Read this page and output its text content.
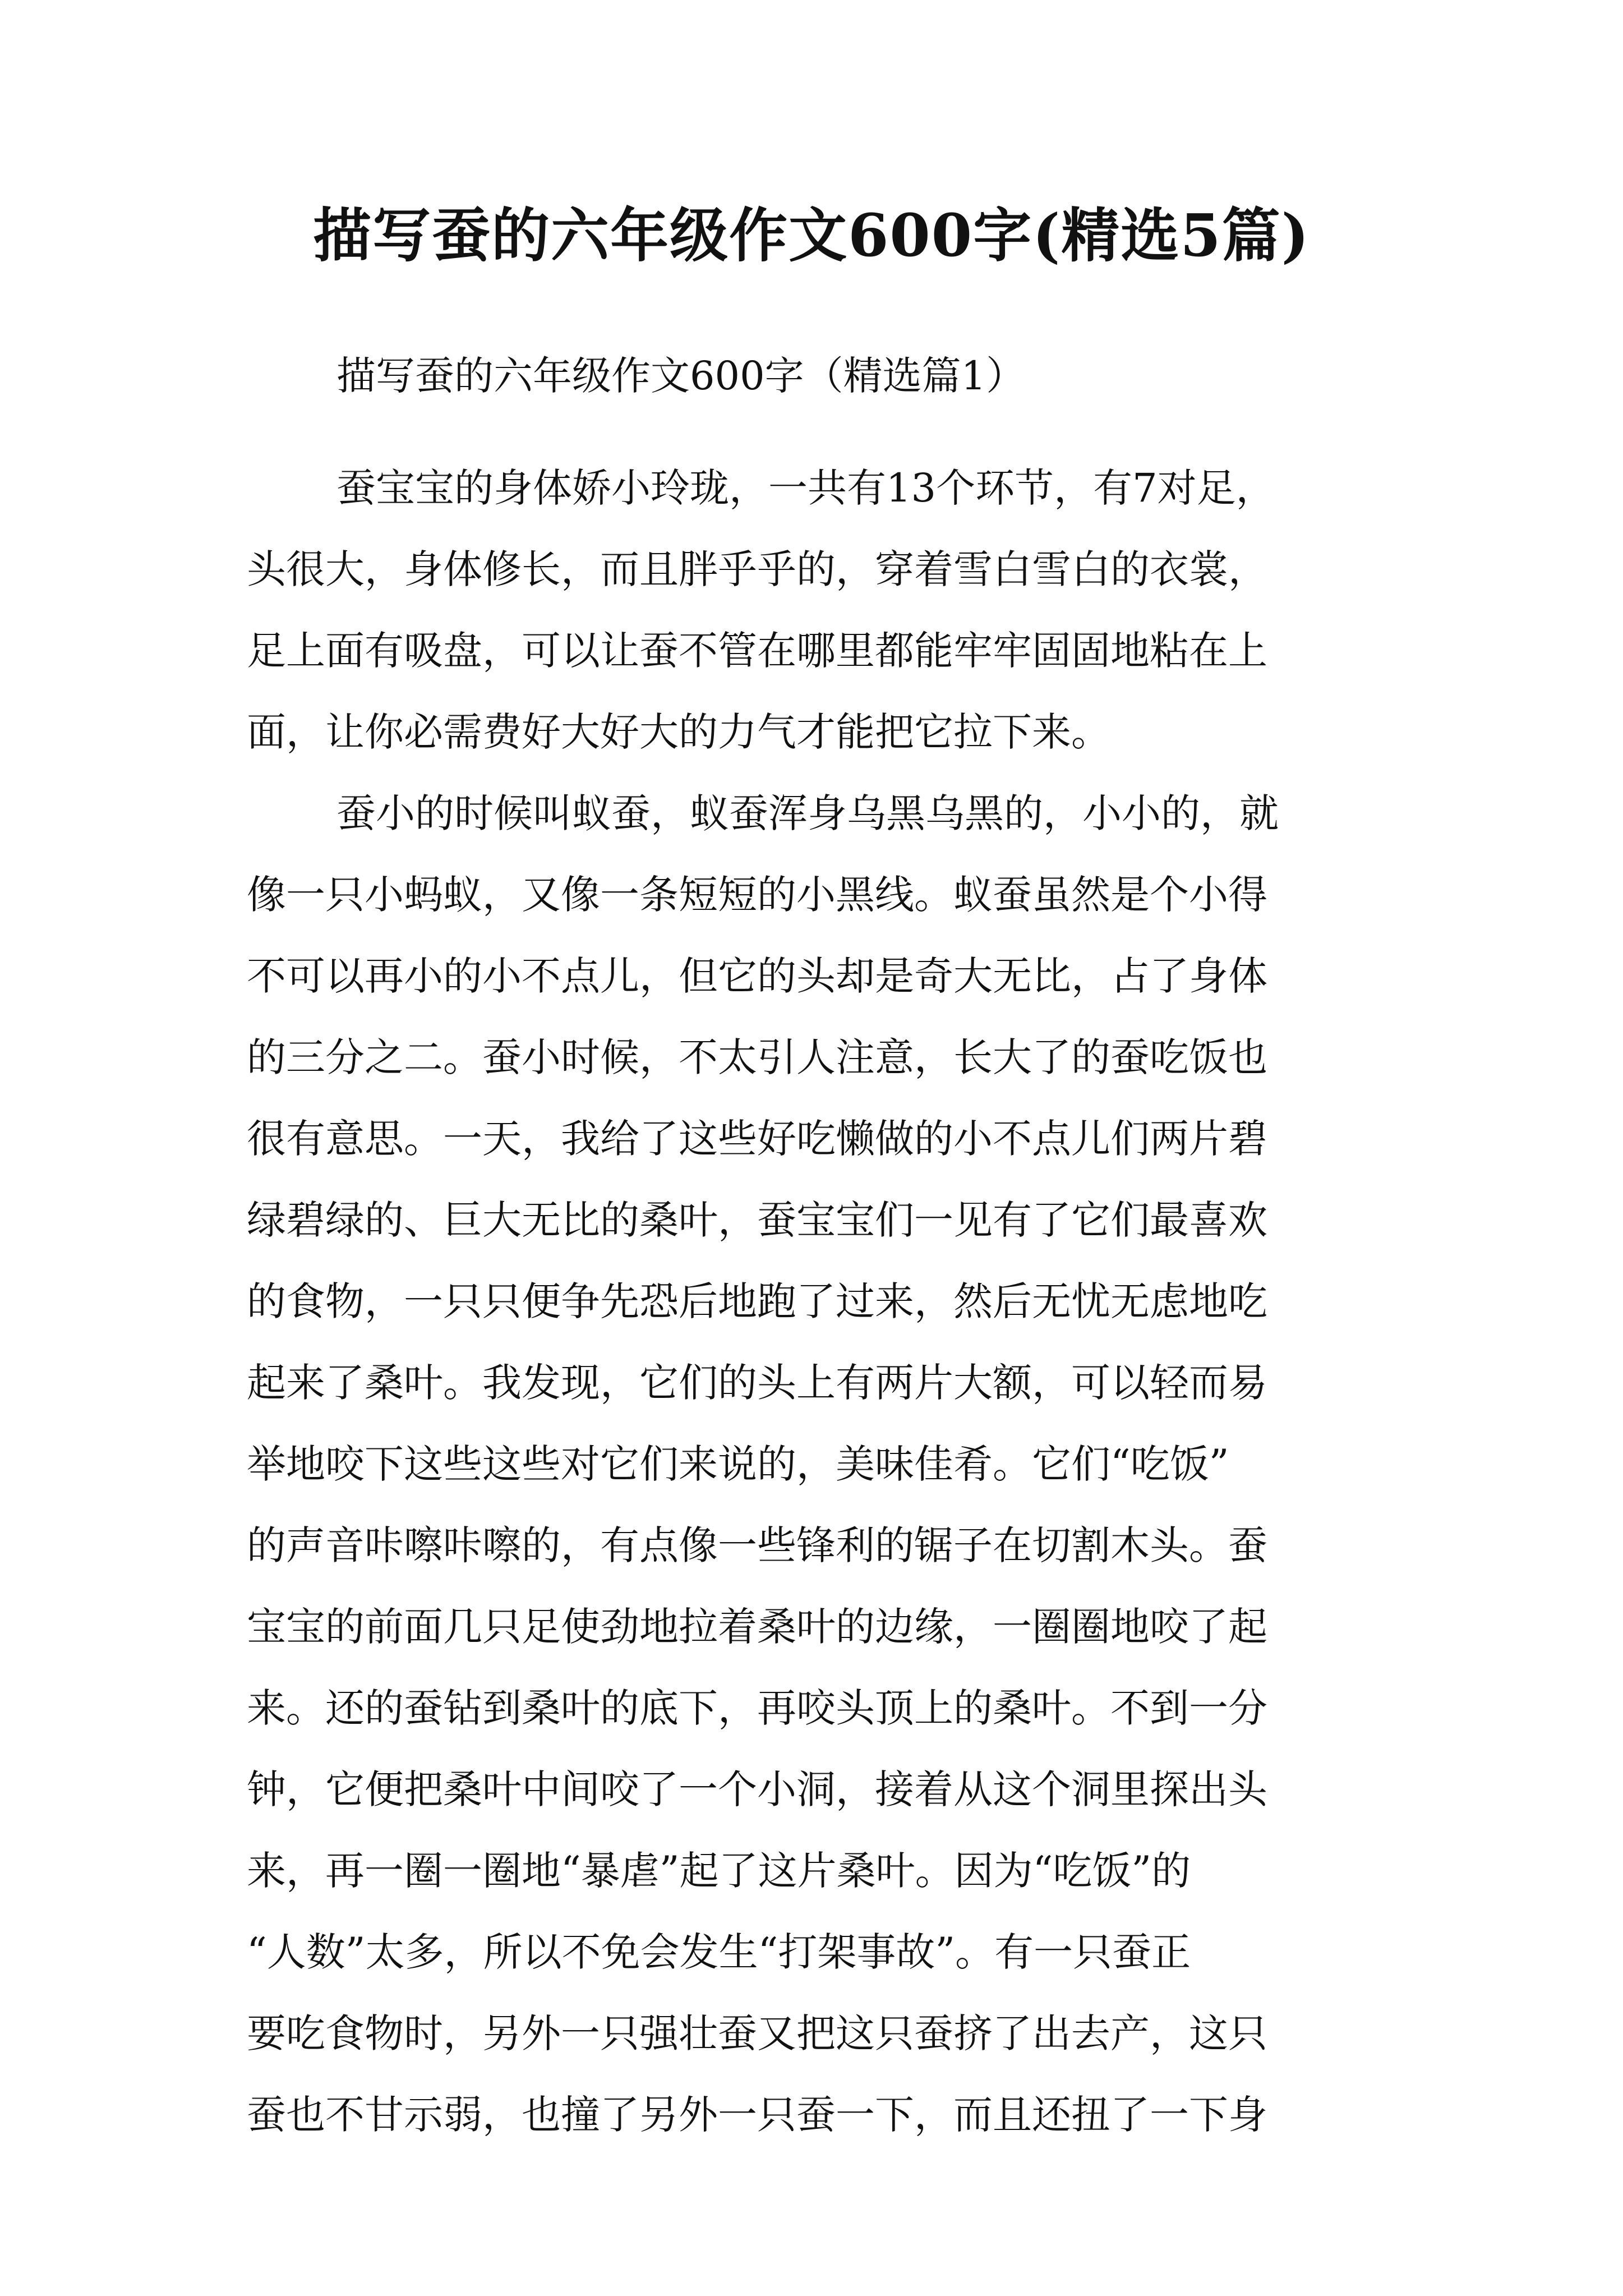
描写蚕的六年级作文600字(精选5篇)
描写蚕的六年级作文600字（精选篇1）
蚕宝宝的身体娇小玲珑，一共有13个环节，有7对足，
头很大，身体修长，而且胖乎乎的，穿着雪白雪白的衣裳，
足上面有吸盘，可以让蚕不管在哪里都能牢牢固固地粘在上
面，让你必需费好大好大的力气才能把它拉下来。
蚕小的时候叫蚁蚕，蚁蚕浑身乌黑乌黑的，小小的，就
像一只小蚂蚁，又像一条短短的小黑线。蚁蚕虽然是个小得
不可以再小的小不点儿，但它的头却是奇大无比，占了身体
的三分之二。蚕小时候，不太引人注意，长大了的蚕吃饭也
很有意思。一天，我给了这些好吃懒做的小不点儿们两片碧
绿碧绿的、巨大无比的桑叶，蚕宝宝们一见有了它们最喜欢
的食物，一只只便争先恐后地跑了过来，然后无忧无虑地吃
起来了桑叶。我发现，它们的头上有两片大额，可以轻而易
举地咬下这些这些对它们来说的，美味佳肴。它们“吃饭”
的声音咔嚓咔嚓的，有点像一些锋利的锯子在切割木头。蚕
宝宝的前面几只足使劲地拉着桑叶的边缘，一圈圈地咬了起
来。还的蚕钻到桑叶的底下，再咬头顶上的桑叶。不到一分
钟，它便把桑叶中间咬了一个小洞，接着从这个洞里探出头
来，再一圈一圈地“暴虐”起了这片桑叶。因为“吃饭”的
“人数”太多，所以不免会发生“打架事故”。有一只蚕正
要吃食物时，另外一只强壮蚕又把这只蚕挤了出去产，这只
蚕也不甘示弱，也撞了另外一只蚕一下，而且还扭了一下身
